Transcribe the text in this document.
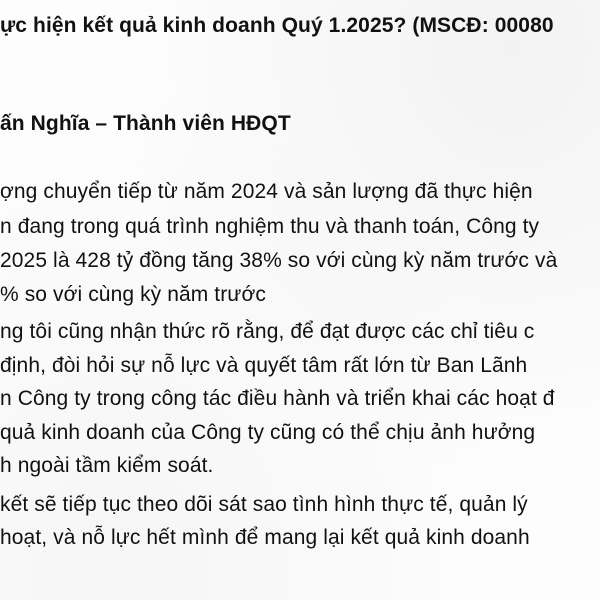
ực hiện kết quả kinh doanh Quý 1.2025? (MSCĐ: 00080
ấn Nghĩa – Thành viên HĐQT
ợng chuyển tiếp từ năm 2024 và sản lượng đã thực hiện
n đang trong quá trình nghiệm thu và thanh toán, Công ty
2025 là 428 tỷ đồng tăng 38% so với cùng kỳ năm trước và
% so với cùng kỳ năm trước
ng tôi cũng nhận thức rõ rằng, để đạt được các chỉ tiêu c
định, đòi hỏi sự nỗ lực và quyết tâm rất lớn từ Ban Lãnh
n Công ty trong công tác điều hành và triển khai các hoạt đ
quả kinh doanh của Công ty cũng có thể chịu ảnh hưởng
h ngoài tầm kiểm soát.
kết sẽ tiếp tục theo dõi sát sao tình hình thực tế, quản lý
hoạt, và nỗ lực hết mình để mang lại kết quả kinh doanh
